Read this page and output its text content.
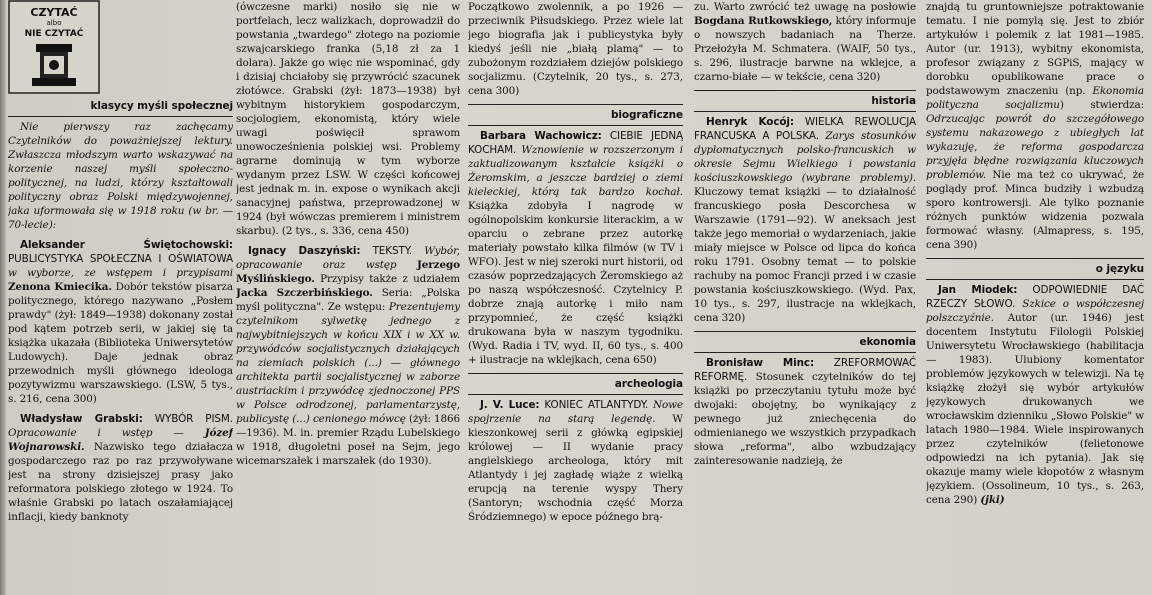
CZYTAĆ
albo
NIE CZYTAĆ
klasycy myśli społecznej

Nie pierwszy raz zachęcamy Czytelników do poważniejszej lektury. Zwłaszcza młodszym warto wskazywać na korzenie naszej myśli społeczno-politycznej, na ludzi, którzy kształtowali polityczny obraz Polski międzywojennej, jaka uformowała się w 1918 roku (w br. — 70-lecie):

Aleksander Świętochowski: PUBLICYSTYKA SPOŁECZNA I OŚWIATOWA w wyborze, ze wstępem i przypisami Zenona Kmiecika. Dobór tekstów pisarza politycznego, którego nazywano „Posłem prawdy" (żył: 1849—1938) dokonany został pod kątem potrzeb serii, w jakiej się ta książka ukazała (Biblioteka Uniwersytetów Ludowych). Daje jednak obraz przewodnich myśli głównego ideologa pozytywizmu warszawskiego. (LSW, 5 tys., s. 216, cena 300)

Władysław Grabski: WYBÓR PISM. Opracowanie i wstęp — Józef Wojnarowski. Nazwisko tego działacza gospodarczego raz po raz przywoływane jest na strony dzisiejszej prasy jako reformatora polskiego złotego w 1924. To właśnie Grabski po latach oszałamiającej inflacji, kiedy banknoty

(ówczesne marki) nosiło się nie w portfelach, lecz walizkach, doprowadził do powstania „twardego" złotego na poziomie szwajcarskiego franka (5,18 zł za 1 dolara). Jakże go więc nie wspominać, gdy i dzisiaj chciałoby się przywrócić szacunek złotówce. Grabski (żył: 1873—1938) był wybitnym historykiem gospodarczym, socjologiem, ekonomistą, który wiele uwagi poświęcił sprawom unowocześnienia polskiej wsi. Problemy agrarne dominują w tym wyborze wydanym przez LSW. W części końcowej jest jednak m. in. expose o wynikach akcji sanacyjnej państwa, przeprowadzonej w 1924 (był wówczas premierem i ministrem skarbu). (2 tys., s. 336, cena 450)

Ignacy Daszyński: TEKSTY. Wybór, opracowanie oraz wstęp Jerzego Myślińskiego. Przypisy także z udziałem Jacka Szczerbińskiego. Seria: „Polska myśl polityczna". Ze wstępu: Prezentujemy czytelnikom sylwetkę jednego z najwybitniejszych w końcu XIX i w XX w. przywódców socjalistycznych działających na ziemiach polskich (...) — głównego architekta partii socjalistycznej w zaborze austriackim i przywódcę zjednoczonej PPS w Polsce odrodzonej, parlamentarzystę, publicystę (...) cenionego mówcę (żył: 1866—1936). M. in. premier Rządu Lubelskiego w 1918, długoletni poseł na Sejm, jego wicemarszałek i marszałek (do 1930).

Początkowo zwolennik, a po 1926 — przeciwnik Piłsudskiego. Przez wiele lat jego biografia jak i publicystyka były kiedyś jeśli nie „białą plamą" — to zubożonym rozdziałem dziejów polskiego socjalizmu. (Czytelnik, 20 tys., s. 273, cena 300)

biograficzne

Barbara Wachowicz: CIEBIE JEDNĄ KOCHAM. Wznowienie w rozszerzonym i zaktualizowanym kształcie książki o Żeromskim, a jeszcze bardziej o ziemi kieleckiej, którą tak bardzo kochał. Książka zdobyła I nagrodę w ogólnopolskim konkursie literackim, a w oparciu o zebrane przez autorkę materiały powstało kilka filmów (w TV i WFO). Jest w niej szeroki nurt historii, od czasów poprzedzających Żeromskiego aż po naszą współczesność. Czytelnicy P. dobrze znają autorkę i miło nam przypomnieć, że część książki drukowana była w naszym tygodniku. (Wyd. Radia i TV, wyd. II, 60 tys., s. 400 + ilustracje na wklejkach, cena 650)

archeologia

J. V. Luce: KONIEC ATLANTYDY. Nowe spojrzenie na starą legendę. W kieszonkowej serii z główką egipskiej królowej — II wydanie pracy angielskiego archeologa, który mit Atlantydy i jej zagładę wiąże z wielką erupcją na terenie wyspy Thery (Santoryn; wschodnia część Morza Śródziemnego) w epoce późnego brą-

zu. Warto zwrócić też uwagę na posłowie Bogdana Rutkowskiego, który informuje o nowszych badaniach na Therze. Przełożyła M. Schmatera. (WAIF, 50 tys., s. 296, ilustracje barwne na wklejce, a czarno-białe — w tekście, cena 320)

historia

Henryk Kocój: WIELKA REWOLUCJA FRANCUSKA A POLSKA. Zarys stosunków dyplomatycznych polsko-francuskich w okresie Sejmu Wielkiego i powstania kościuszkowskiego (wybrane problemy). Kluczowy temat książki — to działalność francuskiego posła Descorchesa w Warszawie (1791—92). W aneksach jest także jego memoriał o wydarzeniach, jakie miały miejsce w Polsce od lipca do końca roku 1791. Osobny temat — to polskie rachuby na pomoc Francji przed i w czasie powstania kościuszkowskiego. (Wyd. Pax, 10 tys., s. 297, ilustracje na wklejkach, cena 320)

ekonomia

Bronisław Minc: ZREFORMOWAĆ REFORMĘ. Stosunek czytelników do tej książki po przeczytaniu tytułu może być dwojaki: obojętny, bo wynikający z pewnego już zniechęcenia do odmienianego we wszystkich przypadkach słowa „reforma", albo wzbudzający zainteresowanie nadzieją, że

znajdą tu gruntowniejsze potraktowanie tematu. I nie pomylą się. Jest to zbiór artykułów i polemik z lat 1981—1985. Autor (ur. 1913), wybitny ekonomista, profesor związany z SGPiS, mający w dorobku opublikowane prace o podstawowym znaczeniu (np. Ekonomia polityczna socjalizmu) stwierdza: Odrzucając powrót do szczegółowego systemu nakazowego z ubiegłych lat wykazuję, że reforma gospodarcza przyjęła błędne rozwiązania kluczowych problemów. Nie ma też co ukrywać, że poglądy prof. Minca budziły i wzbudzą sporo kontrowersji. Ale tylko poznanie różnych punktów widzenia pozwala formować własny. (Almapress, s. 195, cena 390)

o języku

Jan Miodek: ODPOWIEDNIE DAĆ RZECZY SŁOWO. Szkice o współczesnej polszczyźnie. Autor (ur. 1946) jest docentem Instytutu Filologii Polskiej Uniwersytetu Wrocławskiego (habilitacja — 1983). Ulubiony komentator problemów językowych w telewizji. Na tę książkę złożył się wybór artykułów językowych drukowanych we wrocławskim dzienniku „Słowo Polskie" w latach 1980—1984. Wiele inspirowanych przez czytelników (felietonowe odpowiedzi na ich pytania). Jak się okazuje mamy wiele kłopotów z własnym językiem. (Ossolineum, 10 tys., s. 263, cena 290) (jki)
